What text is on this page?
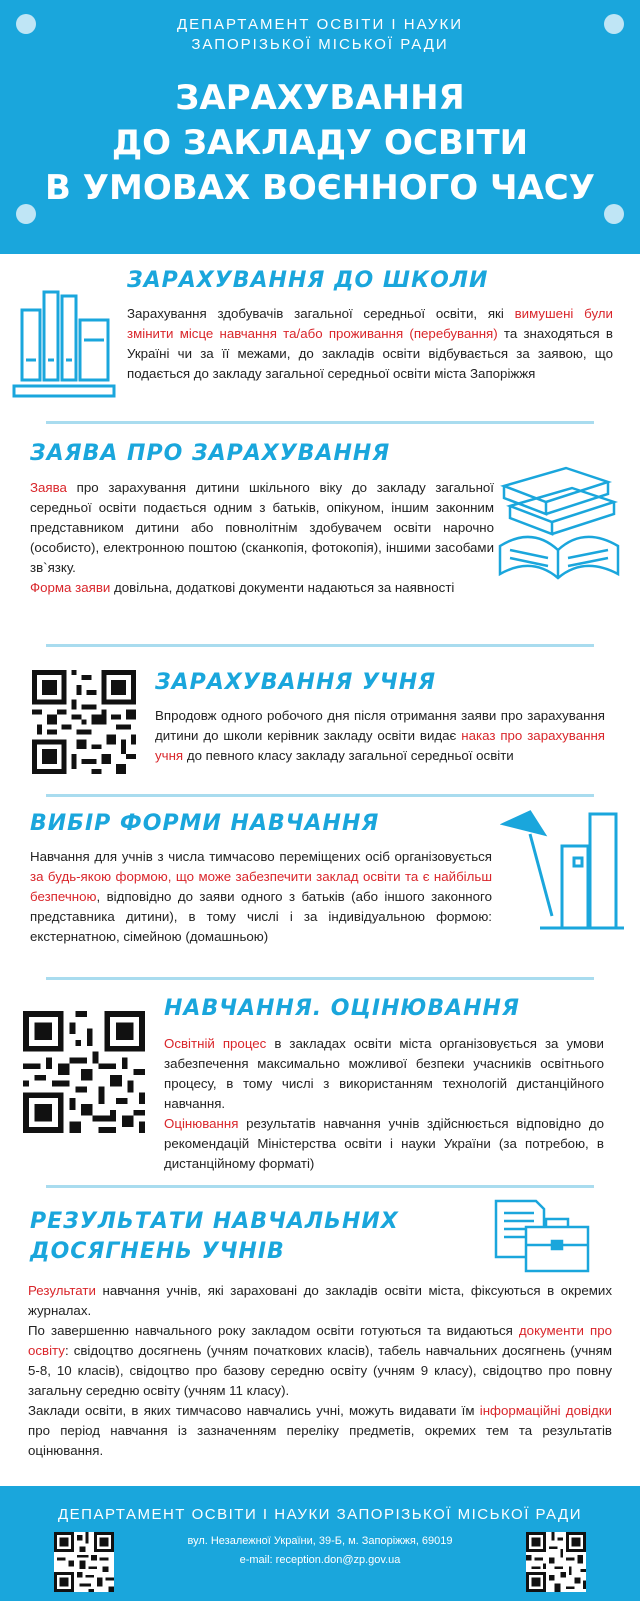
ДЕПАРТАМЕНТ ОСВІТИ І НАУКИ
ЗАПОРІЗЬКОЇ МІСЬКОЇ РАДИ
ЗАРАХУВАННЯ
ДО ЗАКЛАДУ ОСВІТИ
В УМОВАХ ВОЄННОГО ЧАСУ
ЗАРАХУВАННЯ ДО ШКОЛИ

Зарахування здобувачів загальної середньої освіти, які вимушені були змінити місце навчання та/або проживання (перебування) та знаходяться в Україні чи за її межами, до закладів освіти відбувається за заявою, що подається до закладу загальної середньої освіти міста Запоріжжя

ЗАЯВА ПРО ЗАРАХУВАННЯ

Заява про зарахування дитини шкільного віку до закладу загальної середньої освіти подається одним з батьків, опікуном, іншим законним представником дитини або повнолітнім здобувачем освіти нарочно (особисто), електронною поштою (сканкопія, фотокопія), іншими засобами зв`язку.
Форма заяви довільна, додаткові документи надаються за наявності

ЗАРАХУВАННЯ УЧНЯ

Впродовж одного робочого дня після отримання заяви про зарахування дитини до школи керівник закладу освіти видає наказ про зарахування учня до певного класу закладу загальної середньої освіти

ВИБІР ФОРМИ НАВЧАННЯ

Навчання для учнів з числа тимчасово переміщених осіб організовується за будь-якою формою, що може забезпечити заклад освіти та є найбільш безпечною, відповідно до заяви одного з батьків (або іншого законного представника дитини), в тому числі і за індивідуальною формою: екстернатною, сімейною (домашньою)

НАВЧАННЯ. ОЦІНЮВАННЯ

Освітній процес в закладах освіти міста організовується за умови забезпечення максимально можливої безпеки учасників освітнього процесу, в тому числі з використанням технологій дистанційного навчання.
Оцінювання результатів навчання учнів здійснюється відповідно до рекомендацій Міністерства освіти і науки України (за потребою, в дистанційному форматі)

РЕЗУЛЬТАТИ НАВЧАЛЬНИХ
ДОСЯГНЕНЬ УЧНІВ

Результати навчання учнів, які зараховані до закладів освіти міста, фіксуються в окремих журналах.
По завершенню навчального року закладом освіти готуються та видаються документи про освіту: свідоцтво досягнень (учням початкових класів), табель навчальних досягнень (учням 5-8, 10 класів), свідоцтво про базову середню освіту (учням 9 класу), свідоцтво про повну загальну середню освіту (учням 11 класу).
Заклади освіти, в яких тимчасово навчались учні, можуть видавати їм інформаційні довідки про період навчання із зазначенням переліку предметів, окремих тем та результатів оцінювання.

ДЕПАРТАМЕНТ ОСВІТИ І НАУКИ ЗАПОРІЗЬКОЇ МІСЬКОЇ РАДИ
вул. Незалежної України, 39-Б, м. Запоріжжя, 69019
e-mail: reception.don@zp.gov.ua
